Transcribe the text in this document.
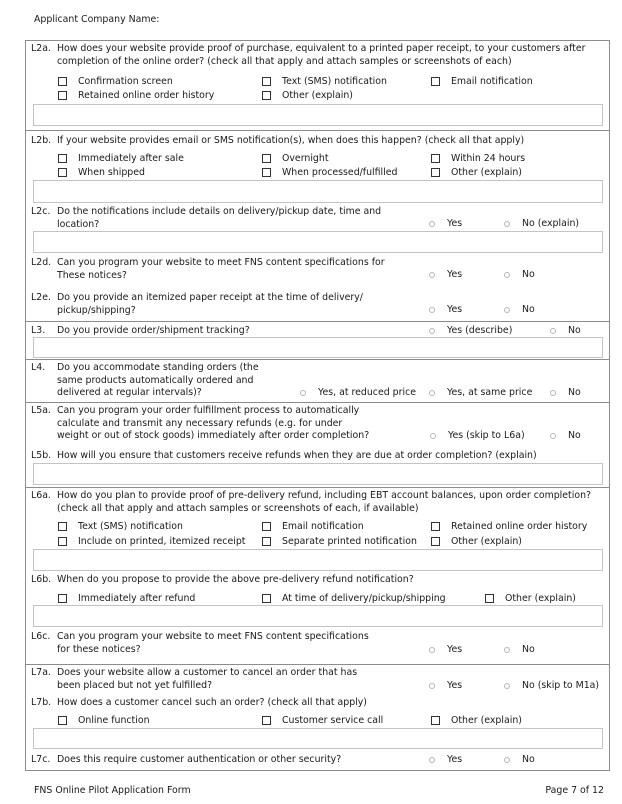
Applicant Company Name:
L2a. How does your website provide proof of purchase, equivalent to a printed paper receipt, to your customers after
completion of the online order? (check all that apply and attach samples or screenshots of each)
Confirmation screen	Text (SMS) notification	Email notification
Retained online order history	Other (explain)
L2b. If your website provides email or SMS notification(s), when does this happen? (check all that apply)
Immediately after sale	Overnight	Within 24 hours
When shipped	When processed/fulfilled	Other (explain)
L2c. Do the notifications include details on delivery/pickup date, time and
location?	Yes	No (explain)
L2d. Can you program your website to meet FNS content specifications for
These notices?	Yes	No
L2e. Do you provide an itemized paper receipt at the time of delivery/
pickup/shipping?	Yes	No
L3. Do you provide order/shipment tracking?	Yes (describe)	No
L4. Do you accommodate standing orders (the
same products automatically ordered and
delivered at regular intervals)?	Yes, at reduced price	Yes, at same price	No
L5a. Can you program your order fulfillment process to automatically
calculate and transmit any necessary refunds (e.g. for under
weight or out of stock goods) immediately after order completion?	Yes (skip to L6a)	No
L5b. How will you ensure that customers receive refunds when they are due at order completion? (explain)
L6a. How do you plan to provide proof of pre-delivery refund, including EBT account balances, upon order completion?
(check all that apply and attach samples or screenshots of each, if available)
Text (SMS) notification	Email notification	Retained online order history
Include on printed, itemized receipt	Separate printed notification	Other (explain)
L6b. When do you propose to provide the above pre-delivery refund notification?
Immediately after refund	At time of delivery/pickup/shipping	Other (explain)
L6c. Can you program your website to meet FNS content specifications
for these notices?	Yes	No
L7a. Does your website allow a customer to cancel an order that has
been placed but not yet fulfilled?	Yes	No (skip to M1a)
L7b. How does a customer cancel such an order? (check all that apply)
Online function	Customer service call	Other (explain)
L7c. Does this require customer authentication or other security?	Yes	No
FNS Online Pilot Application Form	Page 7 of 12
